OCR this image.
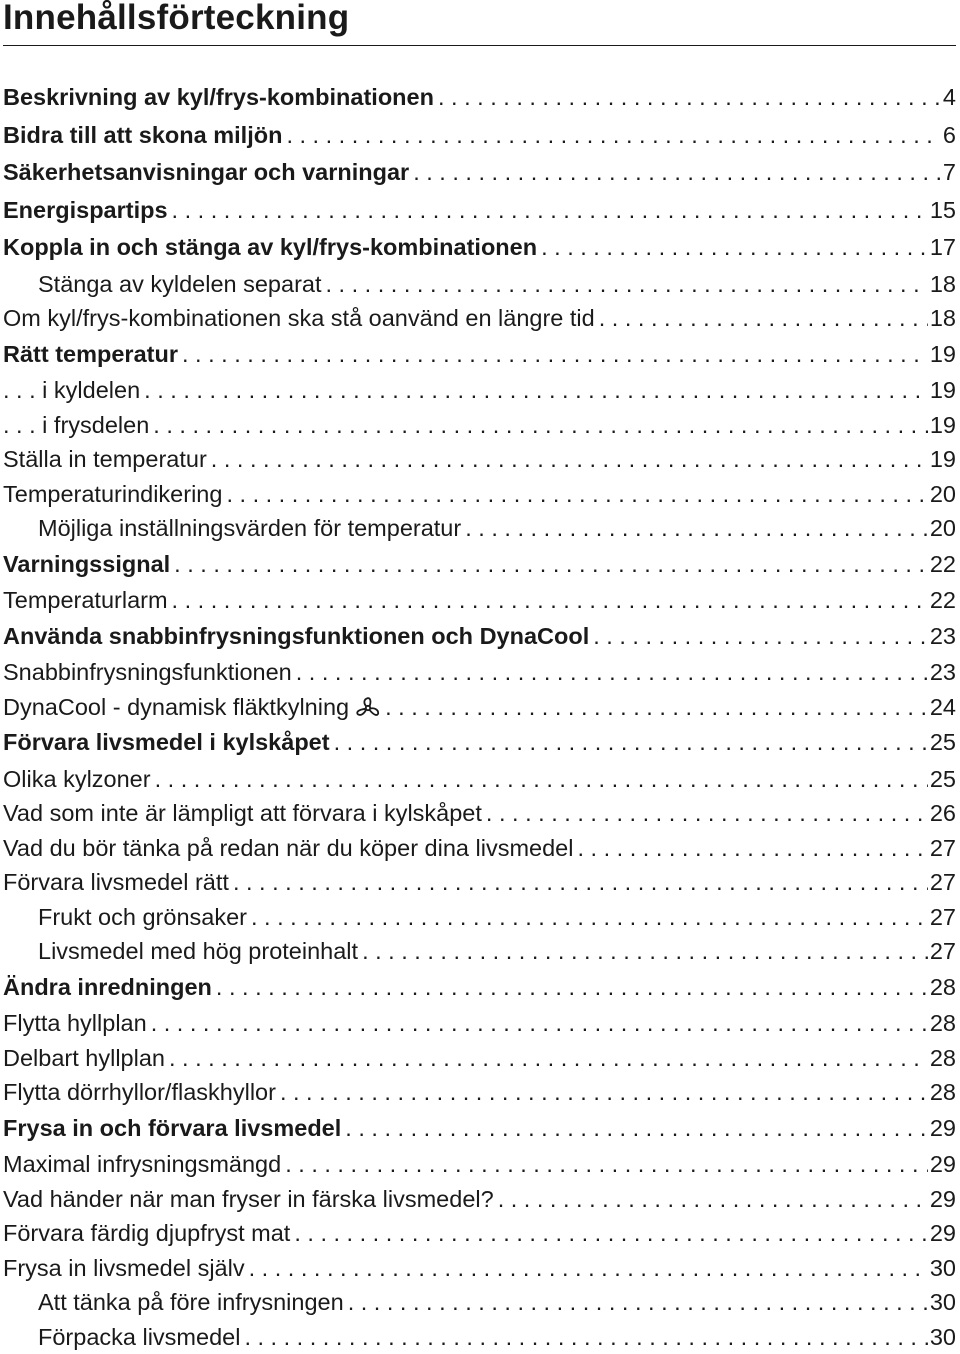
Innehållsförteckning
Beskrivning av kyl/frys-kombinationen . . .	4
Bidra till att skona miljön . . .	6
Säkerhetsanvisningar och varningar . . .	7
Energispartips . . .	15
Koppla in och stänga av kyl/frys-kombinationen . . .	17
Stänga av kyldelen separat . . .	18
Om kyl/frys-kombinationen ska stå oanvänd en längre tid . . .	18
Rätt temperatur . . .	19
. . . i kyldelen . . .	19
. . . i frysdelen . . .	19
Ställa in temperatur . . .	19
Temperaturindikering . . .	20
Möjliga inställningsvärden för temperatur . . .	20
Varningssignal . . .	22
Temperaturlarm . . .	22
Använda snabbinfrysningsfunktionen och DynaCool . . .	23
Snabbinfrysningsfunktionen . . .	23
DynaCool - dynamisk fläktkylning . . .	24
Förvara livsmedel i kylskåpet . . .	25
Olika kylzoner . . .	25
Vad som inte är lämpligt att förvara i kylskåpet . . .	26
Vad du bör tänka på redan när du köper dina livsmedel . . .	27
Förvara livsmedel rätt . . .	27
Frukt och grönsaker . . .	27
Livsmedel med hög proteinhalt . . .	27
Ändra inredningen . . .	28
Flytta hyllplan . . .	28
Delbart hyllplan . . .	28
Flytta dörrhyllor/flaskhyllor . . .	28
Frysa in och förvara livsmedel . . .	29
Maximal infrysningsmängd . . .	29
Vad händer när man fryser in färska livsmedel? . . .	29
Förvara färdig djupfryst mat . . .	29
Frysa in livsmedel själv . . .	30
Att tänka på före infrysningen . . .	30
Förpacka livsmedel . . .	30
